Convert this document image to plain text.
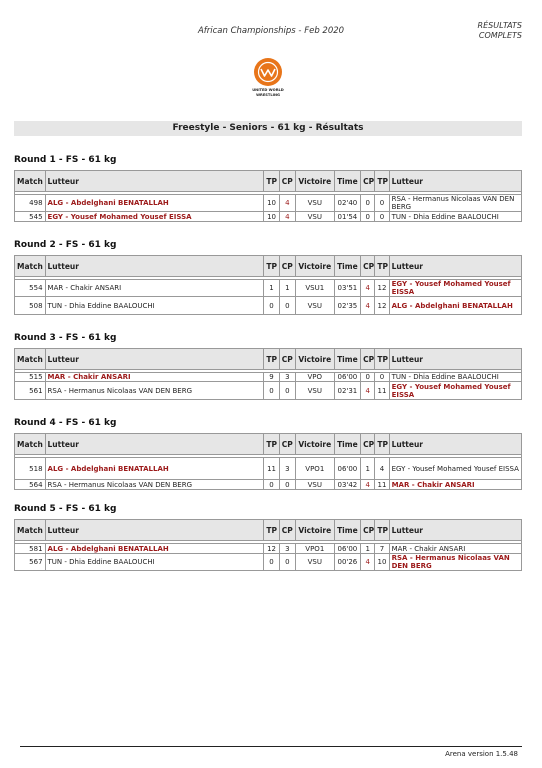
African Championships - Feb 2020
RÉSULTATS
COMPLETS
UNITED WORLD WRESTLING
Freestyle - Seniors - 61 kg - Résultats
Round 1 - FS - 61 kg
Match	Lutteur	TP	CP	Victoire	Time	CP	TP	Lutteur

498	ALG - Abdelghani BENATALLAH	10	4	VSU	02'40	0	0	RSA - Hermanus Nicolaas VAN DEN BERG
545	EGY - Yousef Mohamed Yousef EISSA	10	4	VSU	01'54	0	0	TUN - Dhia Eddine BAALOUCHI
Round 2 - FS - 61 kg
Match	Lutteur	TP	CP	Victoire	Time	CP	TP	Lutteur

554	MAR - Chakir ANSARI	1	1	VSU1	03'51	4	12	EGY - Yousef Mohamed Yousef EISSA
508	TUN - Dhia Eddine BAALOUCHI	0	0	VSU	02'35	4	12	ALG - Abdelghani BENATALLAH
Round 3 - FS - 61 kg
Match	Lutteur	TP	CP	Victoire	Time	CP	TP	Lutteur

515	MAR - Chakir ANSARI	9	3	VPO	06'00	0	0	TUN - Dhia Eddine BAALOUCHI
561	RSA - Hermanus Nicolaas VAN DEN BERG	0	0	VSU	02'31	4	11	EGY - Yousef Mohamed Yousef EISSA
Round 4 - FS - 61 kg
Match	Lutteur	TP	CP	Victoire	Time	CP	TP	Lutteur

518	ALG - Abdelghani BENATALLAH	11	3	VPO1	06'00	1	4	EGY - Yousef Mohamed Yousef EISSA
564	RSA - Hermanus Nicolaas VAN DEN BERG	0	0	VSU	03'42	4	11	MAR - Chakir ANSARI
Round 5 - FS - 61 kg
Match	Lutteur	TP	CP	Victoire	Time	CP	TP	Lutteur

581	ALG - Abdelghani BENATALLAH	12	3	VPO1	06'00	1	7	MAR - Chakir ANSARI
567	TUN - Dhia Eddine BAALOUCHI	0	0	VSU	00'26	4	10	RSA - Hermanus Nicolaas VAN DEN BERG
Arena version 1.5.48
